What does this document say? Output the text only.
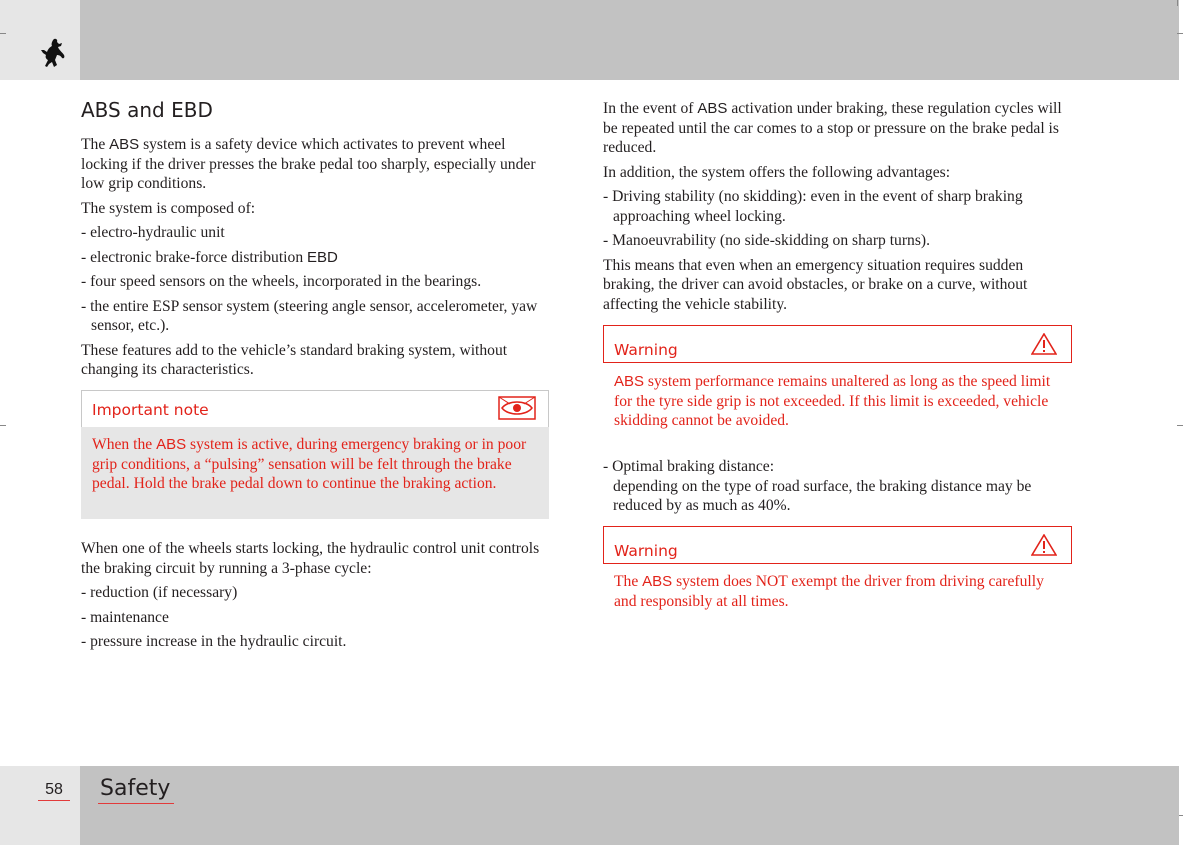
ABS and EBD

The ABS system is a safety device which activates to prevent wheel locking if the driver presses the brake pedal too sharply, especially under low grip conditions.

The system is composed of:

- electro-hydraulic unit

- electronic brake-force distribution EBD

- four speed sensors on the wheels, incorporated in the bearings.

- the entire ESP sensor system (steering angle sensor, accelerometer, yaw sensor, etc.).

These features add to the vehicle’s standard braking system, without changing its characteristics.

Important note

When the ABS system is active, during emergency braking or in poor grip conditions, a “pulsing” sensation will be felt through the brake pedal. Hold the brake pedal down to continue the braking action.

When one of the wheels starts locking, the hydraulic control unit controls the braking circuit by running a 3-phase cycle:

- reduction (if necessary)

- maintenance

- pressure increase in the hydraulic circuit.

In the event of ABS activation under braking, these regulation cycles will be repeated until the car comes to a stop or pressure on the brake pedal is reduced.

In addition, the system offers the following advantages:

- Driving stability (no skidding): even in the event of sharp braking approaching wheel locking.

- Manoeuvrability (no side-skidding on sharp turns).

This means that even when an emergency situation requires sudden braking, the driver can avoid obstacles, or brake on a curve, without affecting the vehicle stability.

Warning

ABS system performance remains unaltered as long as the speed limit for the tyre side grip is not exceeded. If this limit is exceeded, vehicle skidding cannot be avoided.

- Optimal braking distance:

depending on the type of road surface, the braking distance may be reduced by as much as 40%.

Warning

The ABS system does NOT exempt the driver from driving carefully and responsibly at all times.

58	Safety
